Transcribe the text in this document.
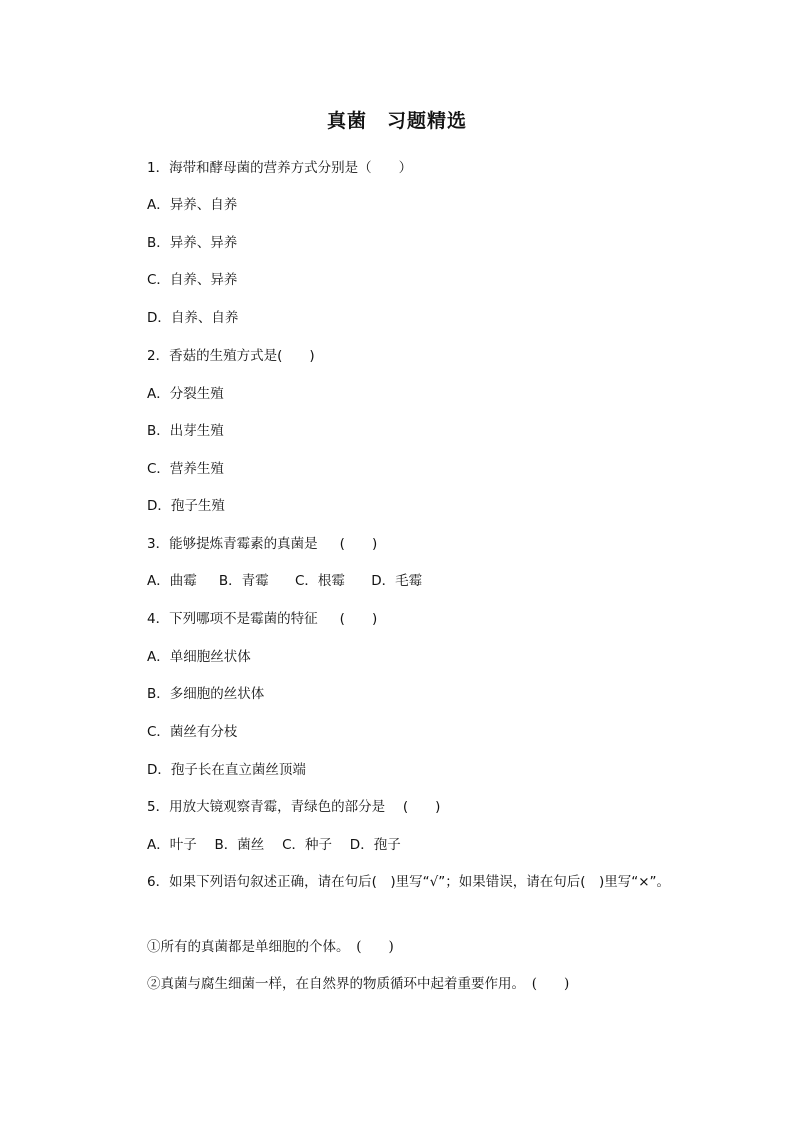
真菌　习题精选
1．海带和酵母菌的营养方式分别是（　　）
A．异养、自养
B．异养、异养
C．自养、异养
D．自养、自养
2．香菇的生殖方式是(　　)
A．分裂生殖
B．出芽生殖
C．营养生殖
D．孢子生殖
3．能够提炼青霉素的真菌是　  (　　)
A．曲霉　  B．青霉　   C．根霉　   D．毛霉
4．下列哪项不是霉菌的特征　  (　　)
A．单细胞丝状体
B．多细胞的丝状体
C．菌丝有分枝
D．孢子长在直立菌丝顶端
5．用放大镜观察青霉，青绿色的部分是　 (　　)
A．叶子　 B．菌丝　 C．种子　 D．孢子
6．如果下列语句叙述正确，请在句后(　)里写“√”；如果错误，请在句后(　)里写“×”。
①所有的真菌都是单细胞的个体。　(　　)
②真菌与腐生细菌一样，在自然界的物质循环中起着重要作用。　(　　)
